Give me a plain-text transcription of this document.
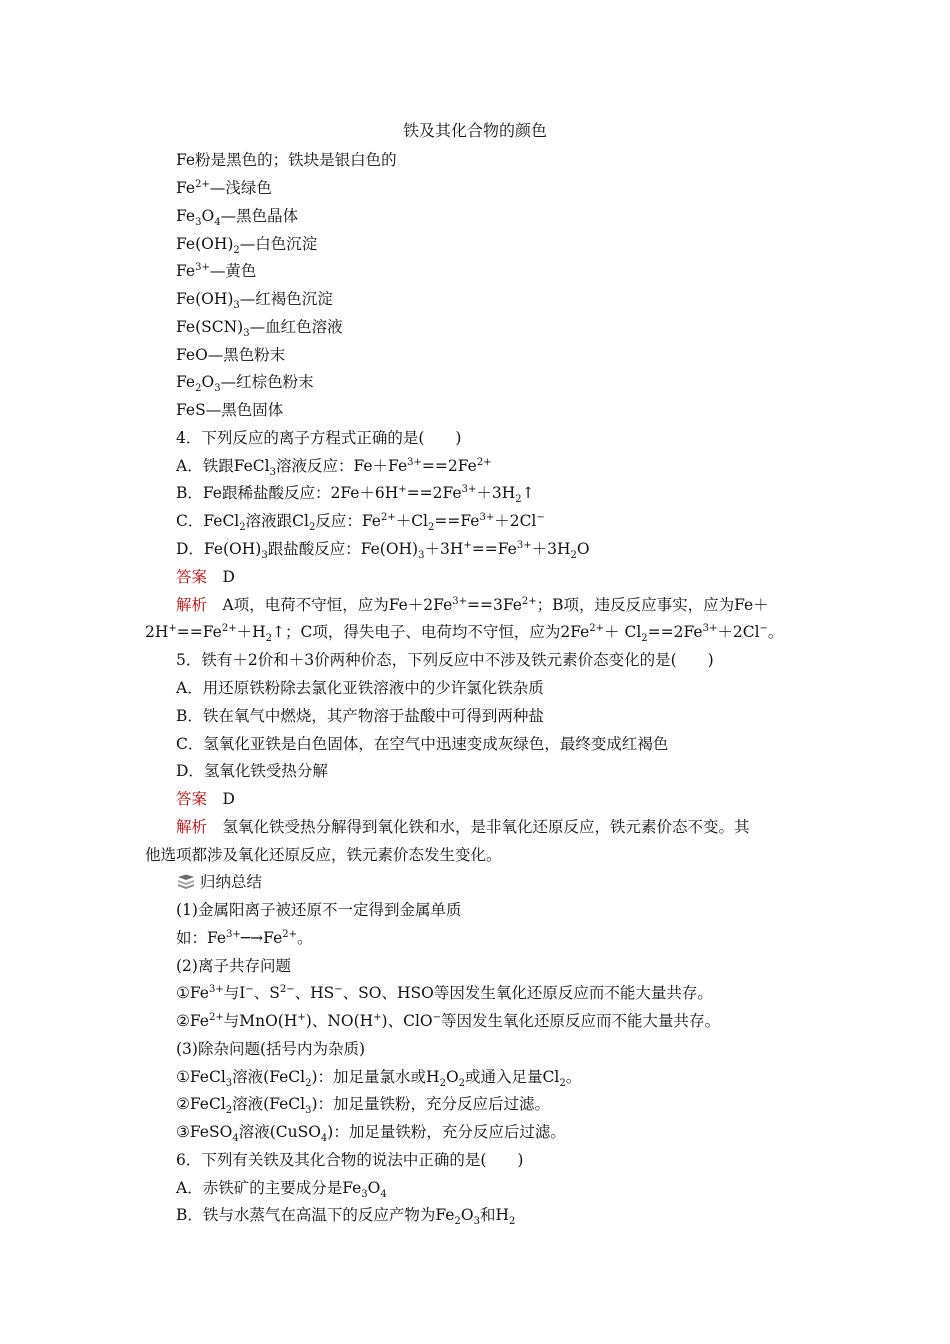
铁及其化合物的颜色
Fe粉是黑色的；铁块是银白色的
$Fe^{2+}—$浅绿色
$Fe_3O_4—$黑色晶体
$Fe(OH)_2—$白色沉淀
$Fe^{3+}—$黄色
$Fe(OH)_3—$红褐色沉淀
$Fe(SCN)_3—$血红色溶液
FeO—黑色粉末
$Fe_2O_3—$红棕色粉末
FeS—黑色固体
4．下列反应的离子方程式正确的是(　　)
A．铁跟FeCl$_3$溶液反应：$Fe+Fe^{3+}==2Fe^{2+}$
B．Fe跟稀盐酸反应：$2Fe+6H^+==2Fe^{3+}+3H_2↑$
C．FeCl$_2$溶液跟$Cl_2$反应：$Fe^{2+}+Cl_2==Fe^{3+}+2Cl^-$
D．$Fe(OH)_3$跟盐酸反应：$Fe(OH)_3+3H^+==Fe^{3+}+3H_2O$
答案　 D
解析　 A项，电荷不守恒，应为$Fe+2Fe^{3+}==3Fe^{2+}$；B项，违反反应事实，应为Fe＋
$2H^+==Fe^{2+}+H_2↑$；C项，得失电子、电荷均不守恒，应为$2Fe^{2+}+ Cl_2==2Fe^{3+}+2Cl^-$。
5．铁有＋2价和＋3价两种价态，下列反应中不涉及铁元素价态变化的是(　　)
A．用还原铁粉除去氯化亚铁溶液中的少许氯化铁杂质
B．铁在氧气中燃烧，其产物溶于盐酸中可得到两种盐
C．氢氧化亚铁是白色固体，在空气中迅速变成灰绿色，最终变成红褐色
D．氢氧化铁受热分解
答案　 D
解析　 氢氧化铁受热分解得到氧化铁和水，是非氧化还原反应，铁元素价态不变。其
他选项都涉及氧化还原反应，铁元素价态发生变化。
归纳总结
(1)金属阳离子被还原不一定得到金属单质
如：$Fe^{3+}─\to Fe^{2+}$。
(2)离子共存问题
$①Fe^{3+}$与I−、$S^{2-}$、HS−、SO、HSO等因发生氧化还原反应而不能大量共存。
$②Fe^{2+}$与MnO(H+)、NO(H+)、ClO−等因发生氧化还原反应而不能大量共存。
(3)除杂问题(括号内为杂质)
①FeCl$_3$溶液(FeCl$_2$)：加足量氯水或$H_2O_2$或通入足量$Cl_2$。
②FeCl$_2$溶液(FeCl$_3$)：加足量铁粉，充分反应后过滤。
③FeSO$_4$溶液(CuSO$_4$)：加足量铁粉，充分反应后过滤。
6．下列有关铁及其化合物的说法中正确的是(　　)
A．赤铁矿的主要成分是$Fe_3O_4$
B．铁与水蒸气在高温下的反应产物为$Fe_2O_3$和$H_2$
